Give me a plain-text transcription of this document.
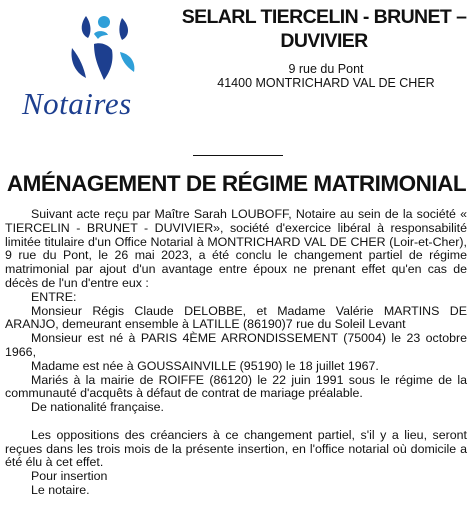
Notaires
SELARL TIERCELIN - BRUNET – DUVIVIER
9 rue du Pont
41400 MONTRICHARD VAL DE CHER
AMÉNAGEMENT DE RÉGIME MATRIMONIAL

Suivant acte reçu par Maître Sarah LOUBOFF, Notaire au sein de la société « TIERCELIN - BRUNET - DUVIVIER», société d'exercice libéral à responsabilité limitée titulaire d'un Office Notarial à MONTRICHARD VAL DE CHER (Loir-et-Cher), 9 rue du Pont, le 26 mai 2023, a été conclu le changement partiel de régime matrimonial par ajout d'un avantage entre époux ne prenant effet qu'en cas de décès de l'un d'entre eux :

ENTRE:

Monsieur Régis Claude DELOBBE, et Madame Valérie MARTINS DE ARANJO, demeurant ensemble à LATILLE (86190)7 rue du Soleil Levant

Monsieur est né à PARIS 4ÈME ARRONDISSEMENT (75004) le 23 octobre 1966,

Madame est née à GOUSSAINVILLE (95190) le 18 juillet 1967.

Mariés à la mairie de ROIFFE (86120) le 22 juin 1991 sous le régime de la communauté d'acquêts à défaut de contrat de mariage préalable.

De nationalité française.

Les oppositions des créanciers à ce changement partiel, s'il y a lieu, seront reçues dans les trois mois de la présente insertion, en l'office notarial où domicile a été élu à cet effet.

Pour insertion

Le notaire.
